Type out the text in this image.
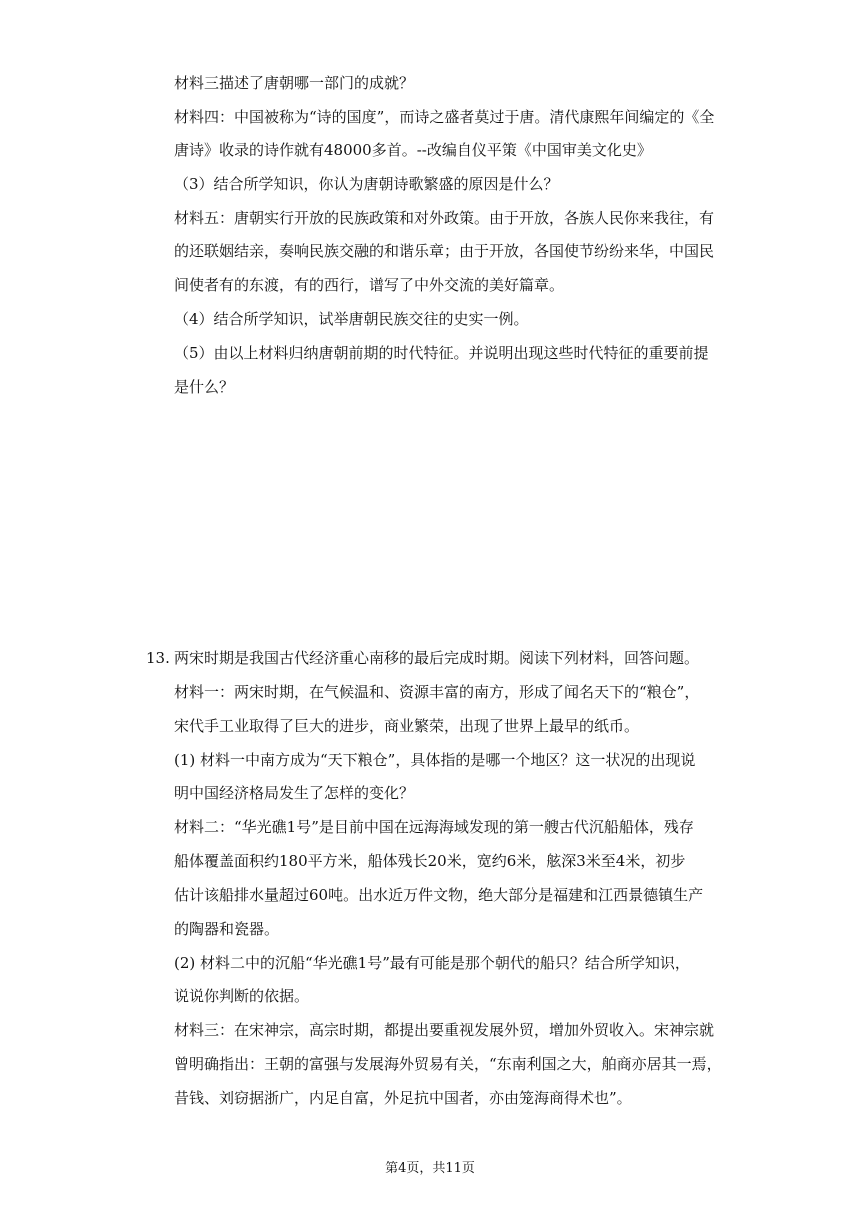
材料三描述了唐朝哪一部门的成就？
材料四：中国被称为“诗的国度”，而诗之盛者莫过于唐。清代康熙年间编定的《全
唐诗》收录的诗作就有48000多首。--改编自仪平策《中国审美文化史》
（3）结合所学知识，你认为唐朝诗歌繁盛的原因是什么？
材料五：唐朝实行开放的民族政策和对外政策。由于开放，各族人民你来我往，有
的还联姻结亲，奏响民族交融的和谐乐章；由于开放，各国使节纷纷来华，中国民
间使者有的东渡，有的西行，谱写了中外交流的美好篇章。
（4）结合所学知识，试举唐朝民族交往的史实一例。
（5）由以上材料归纳唐朝前期的时代特征。并说明出现这些时代特征的重要前提
是什么？
13. 两宋时期是我国古代经济重心南移的最后完成时期。阅读下列材料，回答问题。
材料一：两宋时期，在气候温和、资源丰富的南方，形成了闻名天下的“粮仓”，
宋代手工业取得了巨大的进步，商业繁荣，出现了世界上最早的纸币。
(1) 材料一中南方成为“天下粮仓”，具体指的是哪一个地区？这一状况的出现说
明中国经济格局发生了怎样的变化？
材料二：“华光礁1号”是目前中国在远海海域发现的第一艘古代沉船船体，残存
船体覆盖面积约180平方米，船体残长20米，宽约6米，舷深3米至4米，初步
估计该船排水量超过60吨。出水近万件文物，绝大部分是福建和江西景德镇生产
的陶器和瓷器。
(2) 材料二中的沉船“华光礁1号”最有可能是那个朝代的船只？结合所学知识，
说说你判断的依据。
材料三：在宋神宗，高宗时期，都提出要重视发展外贸，增加外贸收入。宋神宗就
曾明确指出：王朝的富强与发展海外贸易有关，“东南利国之大，舶商亦居其一焉，
昔钱、刘窃据浙广，内足自富，外足抗中国者，亦由笼海商得术也”。
第4页，共11页
